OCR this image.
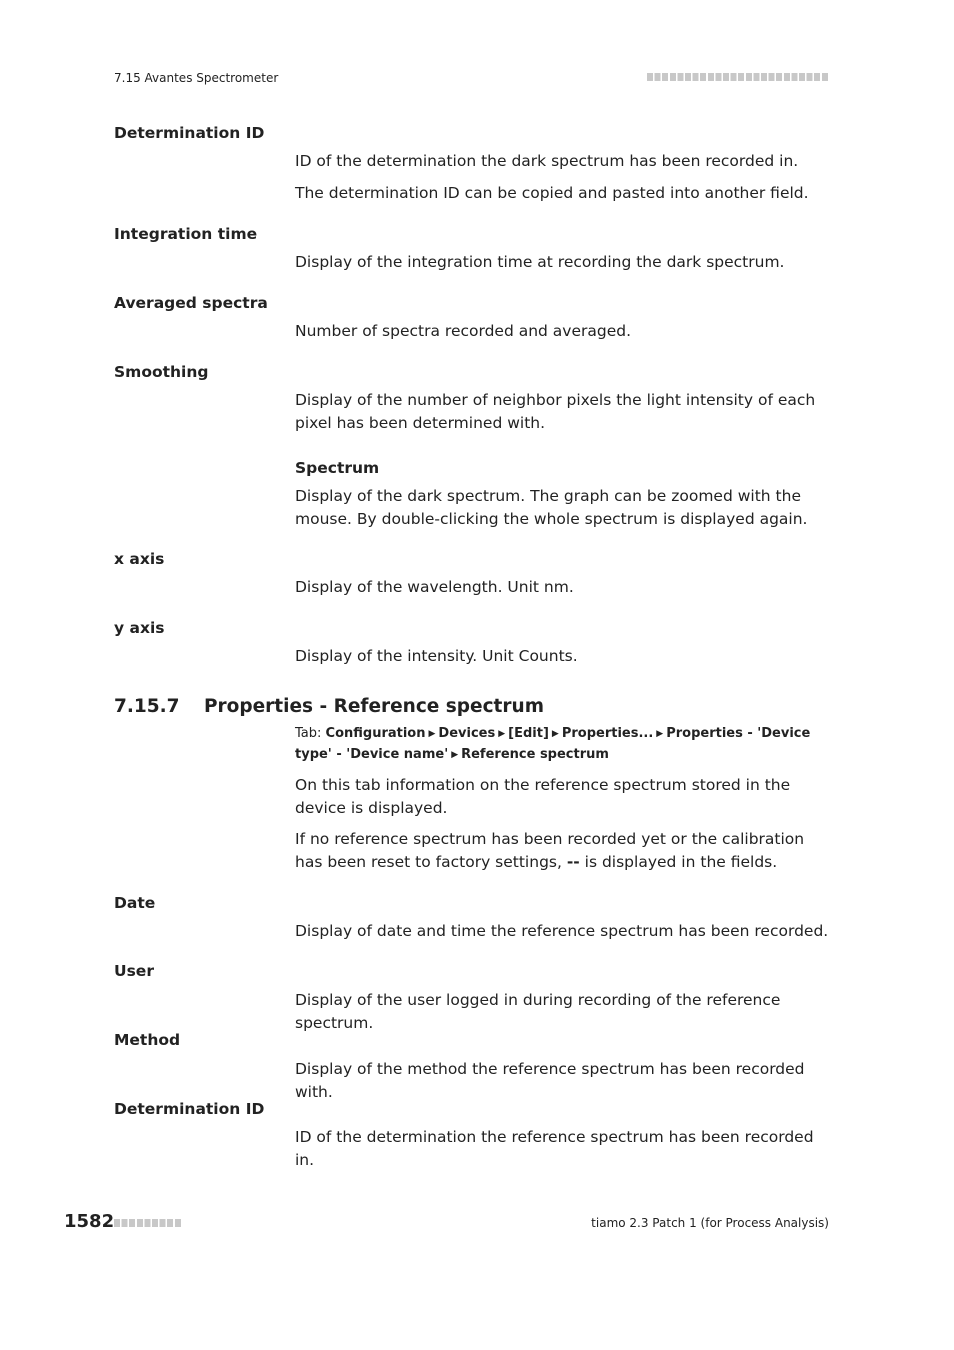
7.15 Avantes Spectrometer
Determination ID
ID of the determination the dark spectrum has been recorded in.
The determination ID can be copied and pasted into another field.
Integration time
Display of the integration time at recording the dark spectrum.
Averaged spectra
Number of spectra recorded and averaged.
Smoothing
Display of the number of neighbor pixels the light intensity of each pixel has been determined with.
Spectrum
Display of the dark spectrum. The graph can be zoomed with the mouse. By double-clicking the whole spectrum is displayed again.
x axis
Display of the wavelength. Unit nm.
y axis
Display of the intensity. Unit Counts.
7.15.7 Properties - Reference spectrum
Tab: Configuration ▶ Devices ▶ [Edit] ▶ Properties... ▶ Properties - 'Device type' - 'Device name' ▶ Reference spectrum
On this tab information on the reference spectrum stored in the device is displayed.
If no reference spectrum has been recorded yet or the calibration has been reset to factory settings, -- is displayed in the fields.
Date
Display of date and time the reference spectrum has been recorded.
User
Display of the user logged in during recording of the reference spectrum.
Method
Display of the method the reference spectrum has been recorded with.
Determination ID
ID of the determination the reference spectrum has been recorded in.
1582	tiamo 2.3 Patch 1 (for Process Analysis)
